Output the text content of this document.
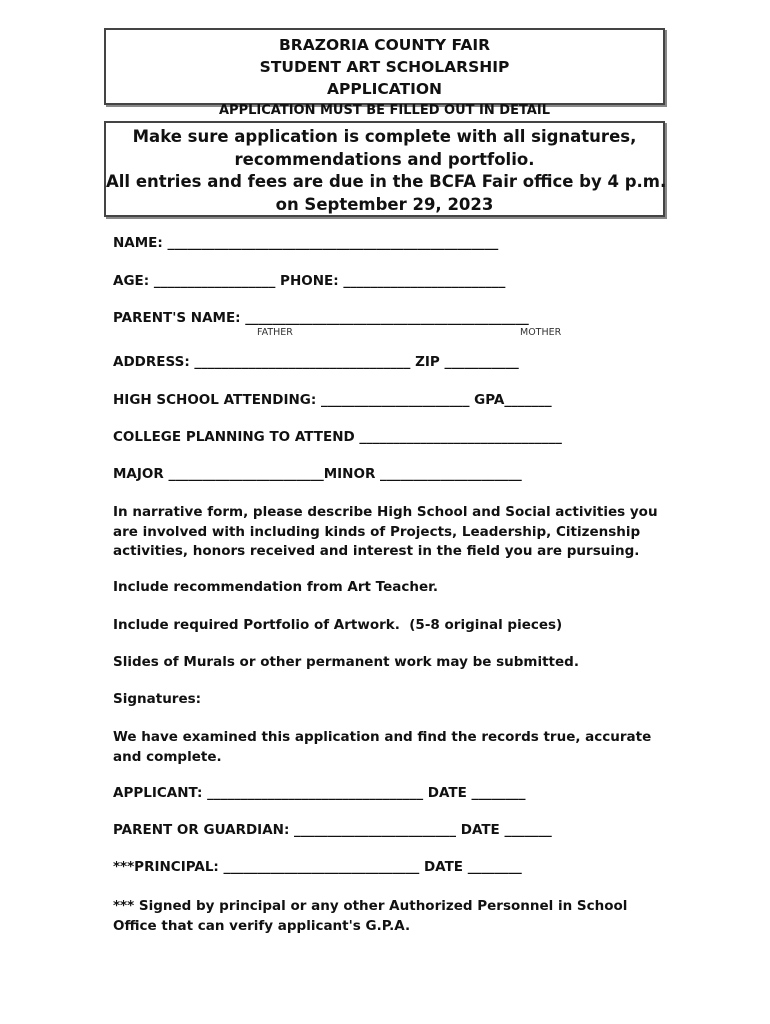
BRAZORIA COUNTY FAIR
STUDENT ART SCHOLARSHIP
APPLICATION
APPLICATION MUST BE FILLED OUT IN DETAIL
Make sure application is complete with all signatures,
recommendations and portfolio.
All entries and fees are due in the BCFA Fair office by 4 p.m.
on September 29, 2023
NAME: _________________________________________________
AGE: __________________ PHONE: ________________________
PARENT'S NAME: __________________________________________
FATHER	MOTHER
ADDRESS: ________________________________ ZIP ___________
HIGH SCHOOL ATTENDING: ______________________ GPA_______
COLLEGE PLANNING TO ATTEND ______________________________
MAJOR _______________________MINOR _____________________
In narrative form, please describe High School and Social activities you are involved with including kinds of Projects, Leadership, Citizenship activities, honors received and interest in the field you are pursuing.
Include recommendation from Art Teacher.
Include required Portfolio of Artwork.  (5-8 original pieces)
Slides of Murals or other permanent work may be submitted.
Signatures:
We have examined this application and find the records true, accurate and complete.
APPLICANT: ________________________________ DATE ________
PARENT OR GUARDIAN: ________________________ DATE _______
***PRINCIPAL: _____________________________ DATE ________
*** Signed by principal or any other Authorized Personnel in School Office that can verify applicant's G.P.A.
